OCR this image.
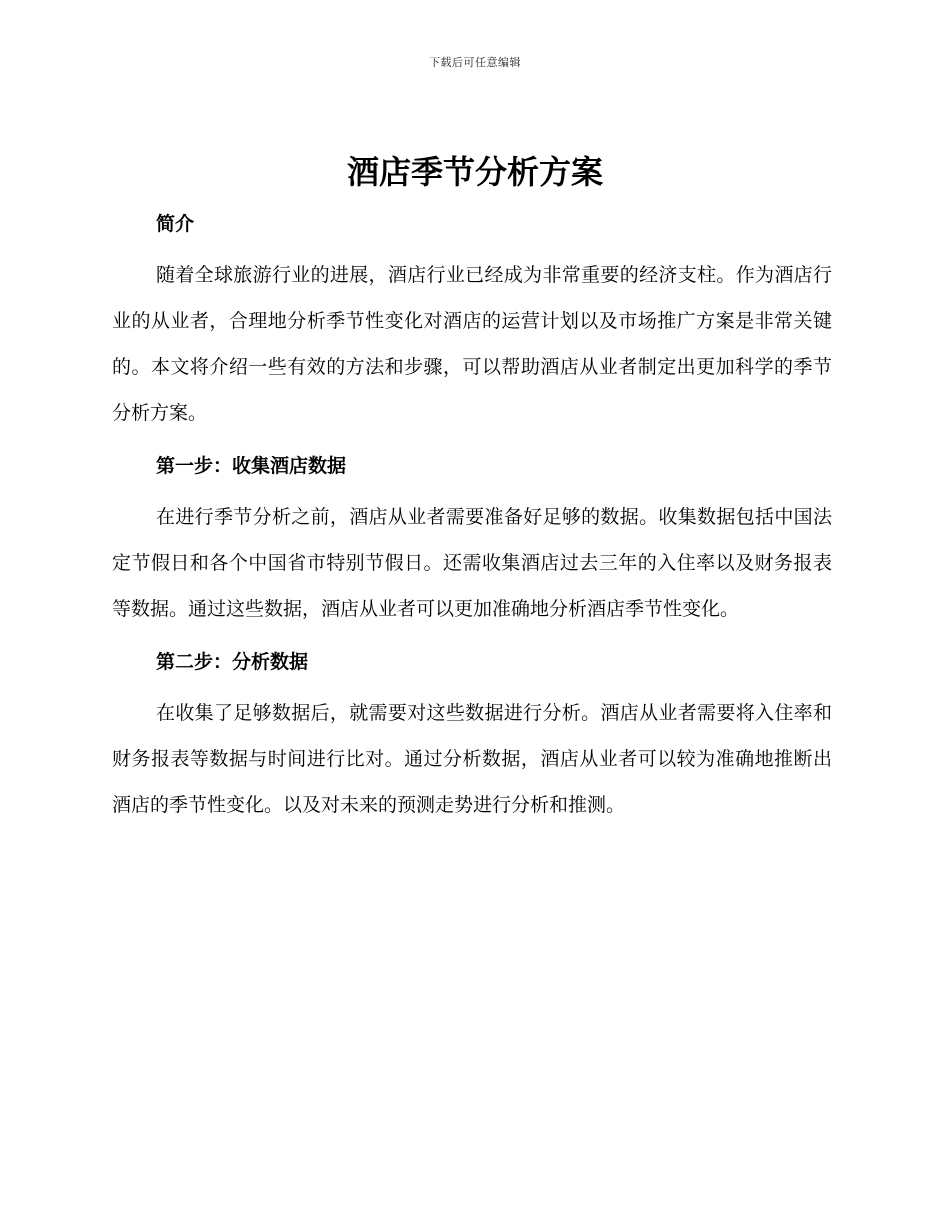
下载后可任意编辑
酒店季节分析方案
简介

随着全球旅游行业的进展，酒店行业已经成为非常重要的经济支柱。作为酒店行业的从业者，合理地分析季节性变化对酒店的运营计划以及市场推广方案是非常关键的。本文将介绍一些有效的方法和步骤，可以帮助酒店从业者制定出更加科学的季节分析方案。

第一步：收集酒店数据

在进行季节分析之前，酒店从业者需要准备好足够的数据。收集数据包括中国法定节假日和各个中国省市特别节假日。还需收集酒店过去三年的入住率以及财务报表等数据。通过这些数据，酒店从业者可以更加准确地分析酒店季节性变化。

第二步：分析数据

在收集了足够数据后，就需要对这些数据进行分析。酒店从业者需要将入住率和财务报表等数据与时间进行比对。通过分析数据，酒店从业者可以较为准确地推断出酒店的季节性变化。以及对未来的预测走势进行分析和推测。
